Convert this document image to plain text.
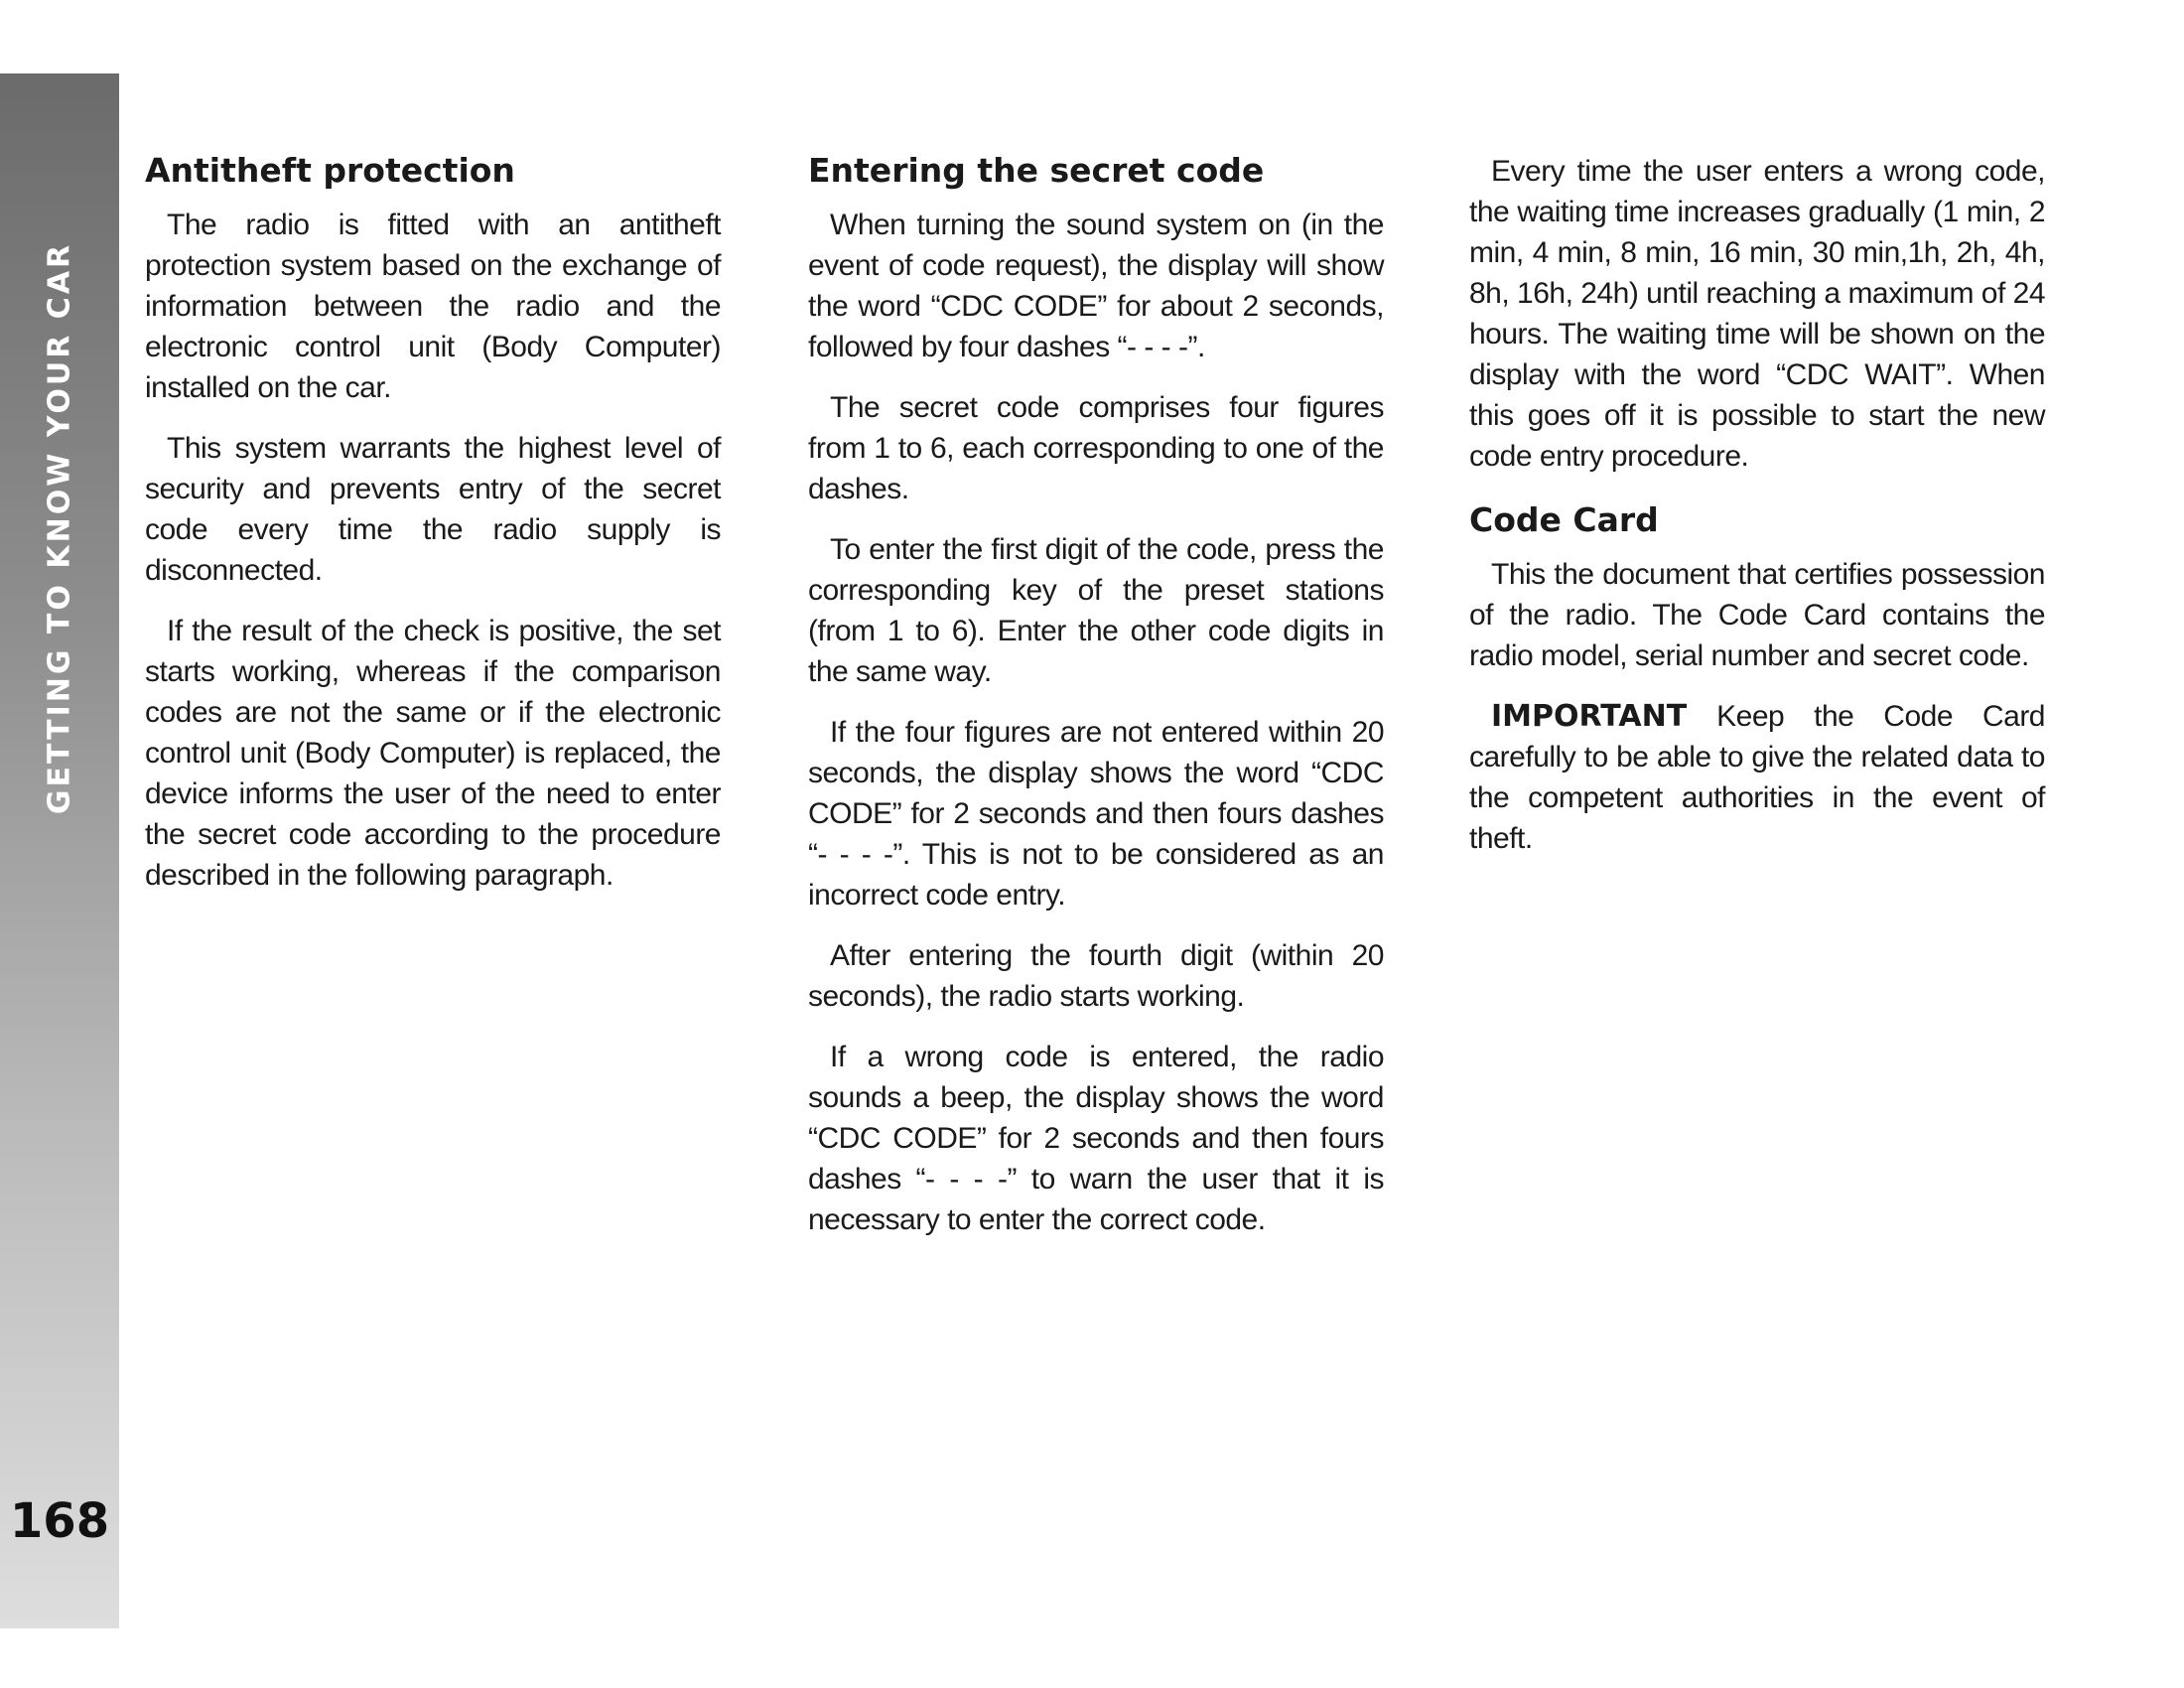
GETTING TO KNOW YOUR CAR
168
Antitheft protection

The radio is fitted with an antitheft protection system based on the exchange of information between the radio and the electronic control unit (Body Computer) installed on the car.

This system warrants the highest level of security and prevents entry of the secret code every time the radio supply is disconnected.

If the result of the check is positive, the set starts working, whereas if the comparison codes are not the same or if the electronic control unit (Body Computer) is replaced, the device informs the user of the need to enter the secret code according to the procedure described in the following paragraph.

Entering the secret code

When turning the sound system on (in the event of code request), the display will show the word “CDC CODE” for about 2 seconds, followed by four dashes “- - - -”.

The secret code comprises four figures from 1 to 6, each corresponding to one of the dashes.

To enter the first digit of the code, press the corresponding key of the preset stations (from 1 to 6). Enter the other code digits in the same way.

If the four figures are not entered within 20 seconds, the display shows the word “CDC CODE” for 2 seconds and then fours dashes “- - - -”. This is not to be considered as an incorrect code entry.

After entering the fourth digit (within 20 seconds), the radio starts working.

If a wrong code is entered, the radio sounds a beep, the display shows the word “CDC CODE” for 2 seconds and then fours dashes “- - - -” to warn the user that it is necessary to enter the correct code.

Every time the user enters a wrong code, the waiting time increases gradually (1 min, 2 min, 4 min, 8 min, 16 min, 30 min,1h, 2h, 4h, 8h, 16h, 24h) until reaching a maximum of 24 hours. The waiting time will be shown on the display with the word “CDC WAIT”. When this goes off it is possible to start the new code entry procedure.

Code Card

This the document that certifies possession of the radio. The Code Card contains the radio model, serial number and secret code.

IMPORTANT Keep the Code Card carefully to be able to give the related data to the competent authorities in the event of theft.
